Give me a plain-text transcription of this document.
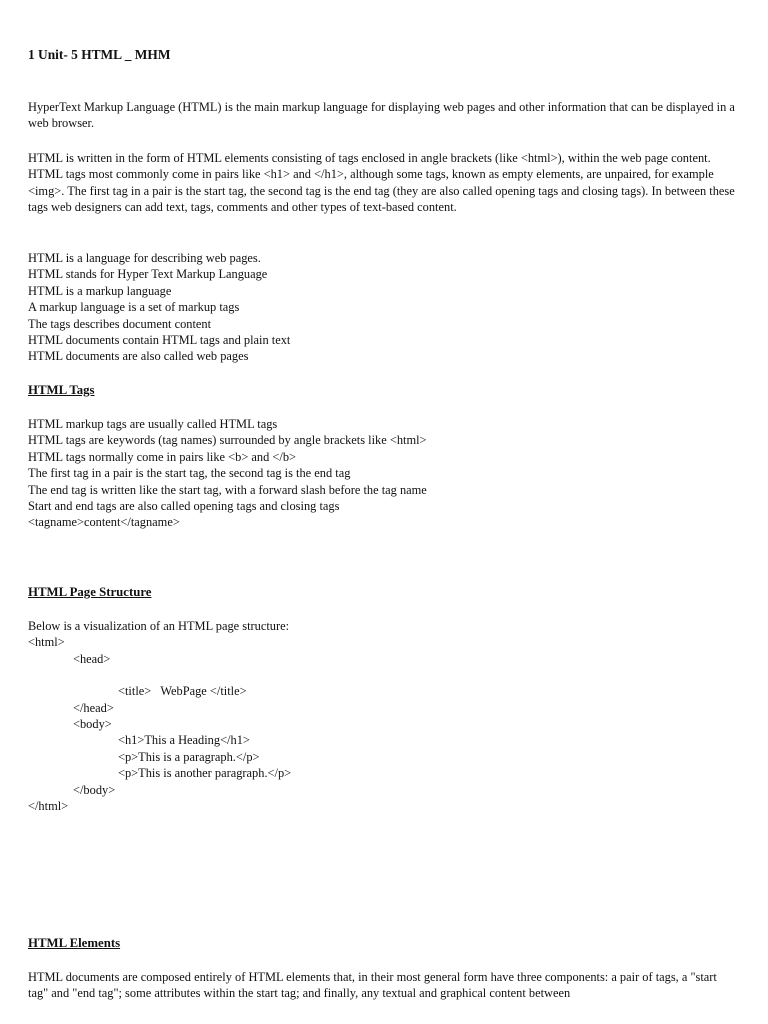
1 Unit- 5 HTML _ MHM

HyperText Markup Language (HTML) is the main markup language for displaying web pages and other information that can be displayed in a web browser.

HTML is written in the form of HTML elements consisting of tags enclosed in angle brackets (like <html>), within the web page content. HTML tags most commonly come in pairs like <h1> and </h1>, although some tags, known as empty elements, are unpaired, for example <img>. The first tag in a pair is the start tag, the second tag is the end tag (they are also called opening tags and closing tags). In between these tags web designers can add text, tags, comments and other types of text-based content.

HTML is a language for describing web pages.
HTML stands for Hyper Text Markup Language
HTML is a markup language
A markup language is a set of markup tags
The tags describes document content
HTML documents contain HTML tags and plain text
HTML documents are also called web pages
HTML Tags
HTML markup tags are usually called HTML tags
HTML tags are keywords (tag names) surrounded by angle brackets like <html>
HTML tags normally come in pairs like <b> and </b>
The first tag in a pair is the start tag, the second tag is the end tag
The end tag is written like the start tag, with a forward slash before the tag name
Start and end tags are also called opening tags and closing tags
<tagname>content</tagname>
HTML Page Structure
Below is a visualization of an HTML page structure:
<html>
<head>
<title>   WebPage </title>
</head>
<body>
<h1>This a Heading</h1>
<p>This is a paragraph.</p>
<p>This is another paragraph.</p>
</body>
</html>
HTML Elements

HTML documents are composed entirely of HTML elements that, in their most general form have three components: a pair of tags, a "start tag" and "end tag"; some attributes within the start tag; and finally, any textual and graphical content between
